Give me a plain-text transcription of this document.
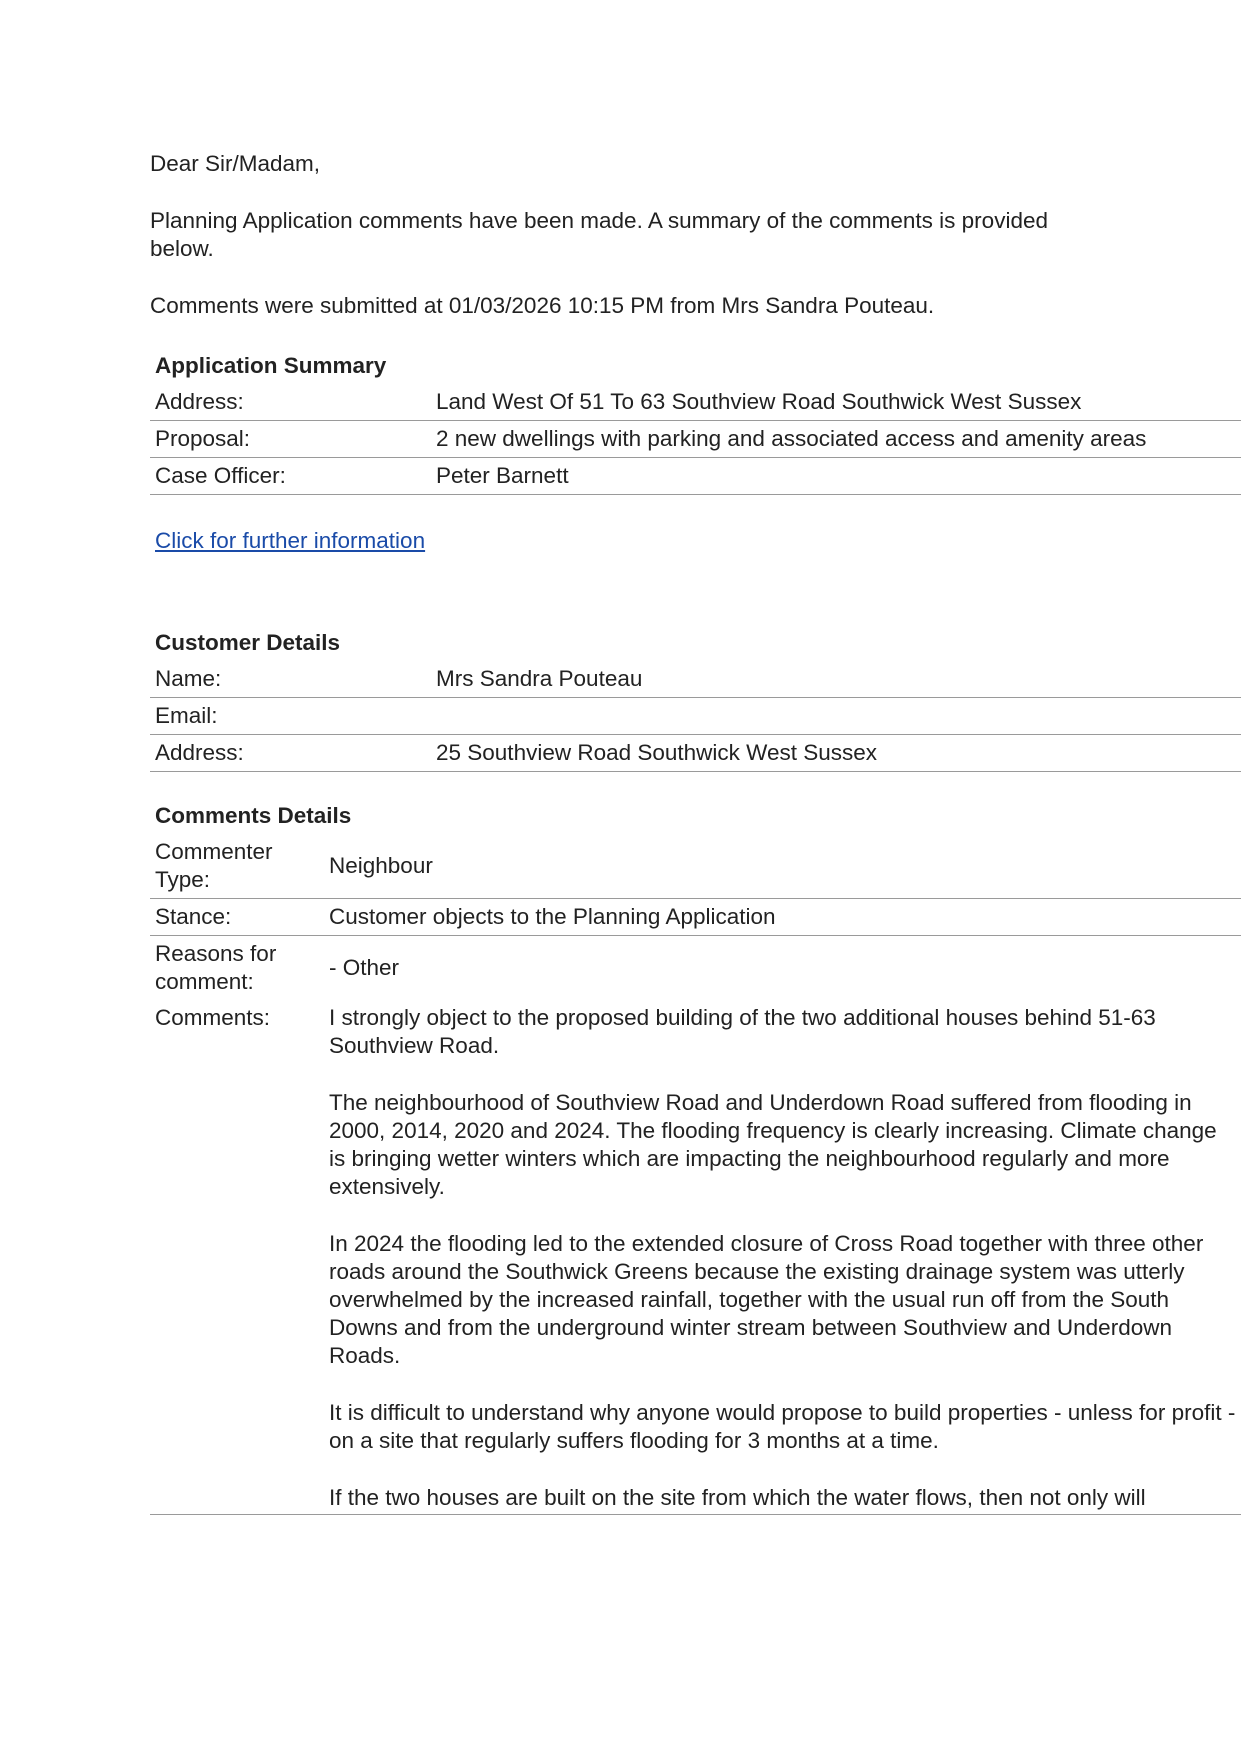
Dear Sir/Madam,

Planning Application comments have been made. A summary of the comments is provided below.

Comments were submitted at 01/03/2026 10:15 PM from Mrs Sandra Pouteau.

Application Summary
Address:	Land West Of 51 To 63 Southview Road Southwick West Sussex
Proposal:	2 new dwellings with parking and associated access and amenity areas
Case Officer:	Peter Barnett
Click for further information
Customer Details
Name:	Mrs Sandra Pouteau
Email:	
Address:	25 Southview Road Southwick West Sussex
Comments Details
Commenter Type:	Neighbour
Stance:	Customer objects to the Planning Application
Reasons for comment:	- Other
Comments:	I strongly object to the proposed building of the two additional houses behind 51-63 Southview Road.

The neighbourhood of Southview Road and Underdown Road suffered from flooding in 2000, 2014, 2020 and 2024. The flooding frequency is clearly increasing. Climate change is bringing wetter winters which are impacting the neighbourhood regularly and more extensively.

In 2024 the flooding led to the extended closure of Cross Road together with three other roads around the Southwick Greens because the existing drainage system was utterly overwhelmed by the increased rainfall, together with the usual run off from the South Downs and from the underground winter stream between Southview and Underdown Roads.

It is difficult to understand why anyone would propose to build properties - unless for profit - on a site that regularly suffers flooding for 3 months at a time.

If the two houses are built on the site from which the water flows, then not only will
